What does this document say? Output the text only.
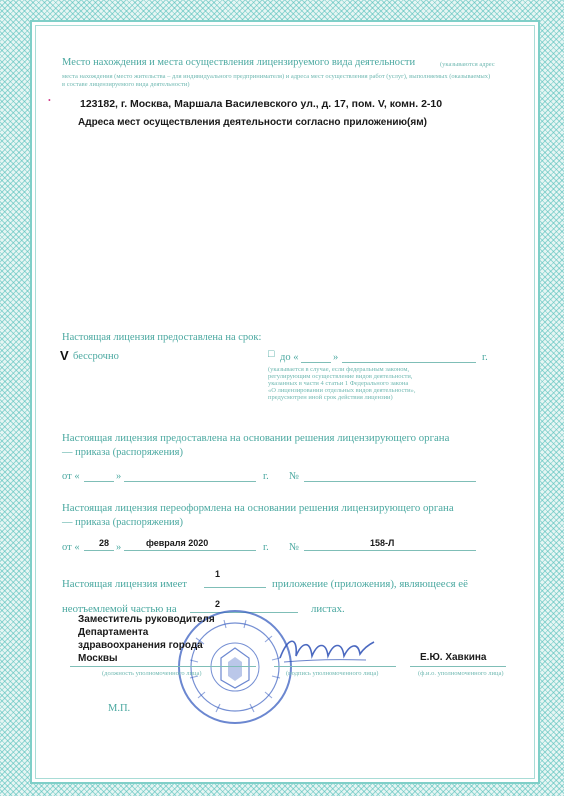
Место нахождения и места осуществления лицензируемого вида деятельности	(указываются адрес
места нахождения (место жительства – для индивидуального предпринимателя) и адреса мест осуществления работ (услуг), выполняемых (оказываемых)
в составе лицензируемого вида деятельности)
•	123182, г. Москва, Маршала Василевского ул., д. 17, пом. V, комн. 2-10
Адреса мест осуществления деятельности согласно приложению(ям)
Настоящая лицензия предоставлена на срок:
V бессрочно	□ до «	»	г.
(указывается в случае, если федеральным законом,
регулирующим осуществление видов деятельности,
указанных в части 4 статьи 1 Федерального закона
«О лицензировании отдельных видов деятельности»,
предусмотрен иной срок действия лицензии)
Настоящая лицензия предоставлена на основании решения лицензирующего органа
— приказа (распоряжения)
от «	»	г. №
Настоящая лицензия переоформлена на основании решения лицензирующего органа
— приказа (распоряжения)
от « 28 »	февраля 2020	г. №	158-Л
Настоящая лицензия имеет
1
приложение (приложения), являющееся её
неотъемлемой частью на	2	листах.
Заместитель руководителя
Департамента
здравоохранения города
Москвы	Е.Ю. Хавкина
(должность уполномоченного лица)	(подпись уполномоченного лица)	(ф.и.о. уполномоченного лица)
М.П.
